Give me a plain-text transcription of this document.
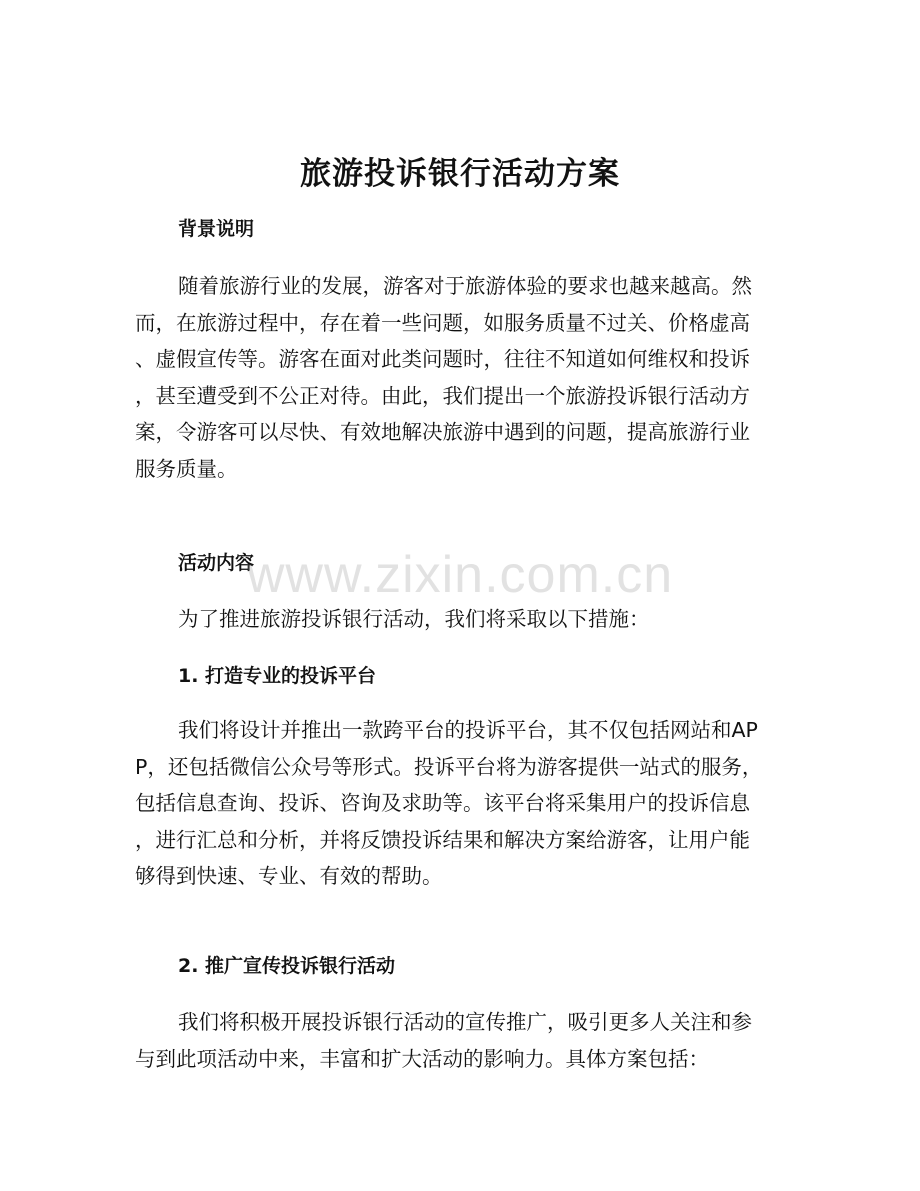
旅游投诉银行活动方案
背景说明
随着旅游行业的发展，游客对于旅游体验的要求也越来越高。然
而，在旅游过程中，存在着一些问题，如服务质量不过关、价格虚高
、虚假宣传等。游客在面对此类问题时，往往不知道如何维权和投诉
，甚至遭受到不公正对待。由此，我们提出一个旅游投诉银行活动方
案，令游客可以尽快、有效地解决旅游中遇到的问题，提高旅游行业
服务质量。
活动内容
为了推进旅游投诉银行活动，我们将采取以下措施：
1. 打造专业的投诉平台
我们将设计并推出一款跨平台的投诉平台，其不仅包括网站和AP
P，还包括微信公众号等形式。投诉平台将为游客提供一站式的服务，
包括信息查询、投诉、咨询及求助等。该平台将采集用户的投诉信息
，进行汇总和分析，并将反馈投诉结果和解决方案给游客，让用户能
够得到快速、专业、有效的帮助。
2. 推广宣传投诉银行活动
我们将积极开展投诉银行活动的宣传推广，吸引更多人关注和参
与到此项活动中来，丰富和扩大活动的影响力。具体方案包括：
www.zixin.com.cn
